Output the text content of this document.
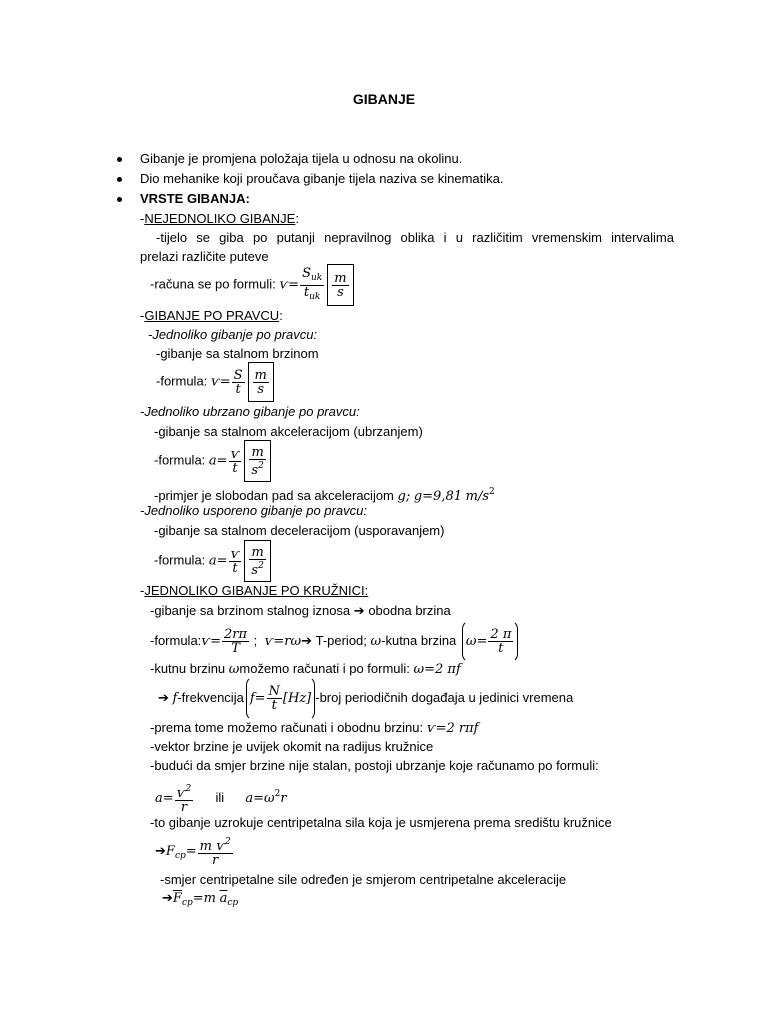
GIBANJE
Gibanje je promjena položaja tijela u odnosu na okolinu.
Dio mehanike koji proučava gibanje tijela naziva se kinematika.
VRSTE GIBANJA:
-NEJEDNOLIKO GIBANJE:
-tijelo se giba po putanji nepravilnog oblika i u različitim vremenskim intervalima
prelazi različite puteve
-računa se po formuli: $ѵ= \frac{S_{uk}}{t_{uk}} \frac{m}{s}$
-GIBANJE PO PRAVCU:
-Jednoliko gibanje po pravcu:
-gibanje sa stalnom brzinom
-formula: $ѵ= \frac{S}{t} \frac{m}{s}$
-Jednoliko ubrzano gibanje po pravcu:
-gibanje sa stalnom akceleracijom (ubrzanjem)
-formula: $a= \frac{ѵ}{t} \frac{m}{s^2}$
-primjer je slobodan pad sa akceleracijom g; g=9,81 $m/s^2$
-Jednoliko usporeno gibanje po pravcu:
-gibanje sa stalnom deceleracijom (usporavanjem)
-formula: $a= \frac{ѵ}{t} \frac{m}{s^2}$
-JEDNOLIKO GIBANJE PO KRUŽNICI:
-gibanje sa brzinom stalnog iznosa ➔ obodna brzina
-formula:ѵ= $\frac{2r\pi}{T}$ ; ѵ=rω➔ T-period; ω-kutna brzina $\omega= \frac{2 \pi}{t}$
-kutnu brzinu ωmožemo računati i po formuli: ω=2 πf
➔ f-frekvencija $f= \frac{N}{t} [Hz]$ -broj periodičnih događaja u jedinici vremena
-prema tome možemo računati i obodnu brzinu: ѵ=2 rπf
-vektor brzine je uvijek okomit na radijus kružnice
-budući da smjer brzine nije stalan, postoji ubrzanje koje računamo po formuli:
$a= \frac{ѵ^2}{r}$ ili $a=\omega^2r$
-to gibanje uzrokuje centripetalna sila koja je usmjerena prema središtu kružnice
$➔F_{cp}= \frac{m ѵ^2}{r}$
-smjer centripetalne sile određen je smjerom centripetalne akceleracije
$➔\overline{F}_{cp}=m$ $\overline{a}_{cp}$
